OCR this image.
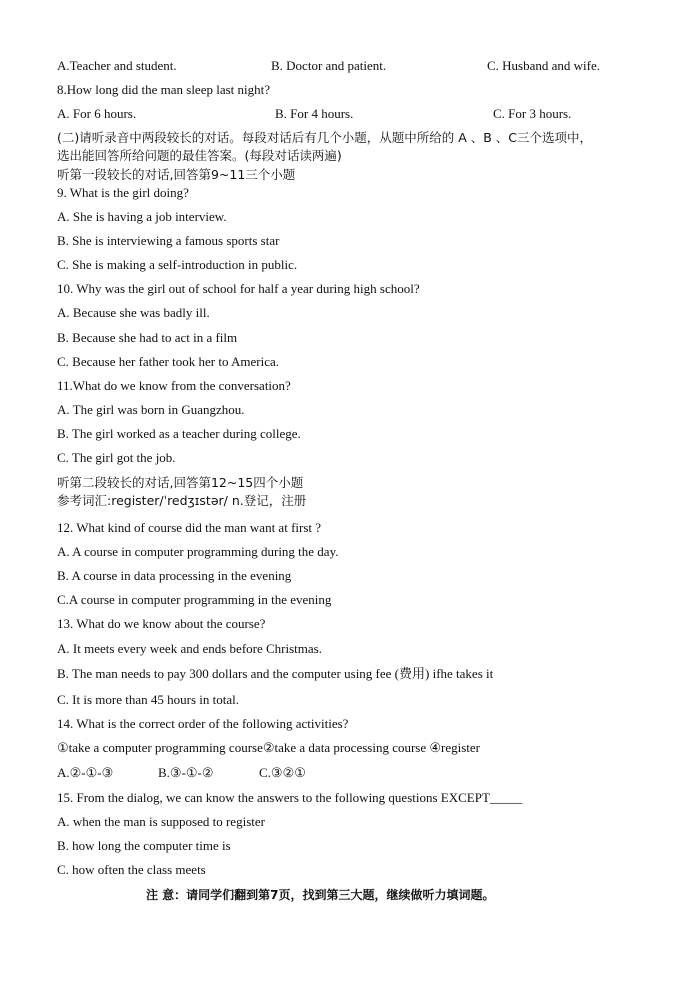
A.Teacher and student.	B. Doctor and patient.	C. Husband and wife.
8.How long did the man sleep last night?
A. For 6 hours.	B. For 4 hours.	C. For 3 hours.
(二)请听录音中两段较长的对话。每段对话后有几个小题，从题中所给的 A 、B 、C三个选项中，
选出能回答所给问题的最佳答案。(每段对话读两遍)
听第一段较长的对话,回答第9~11三个小题
9. What is the girl doing?
A. She is having a job interview.
B. She is interviewing a famous sports star
C. She is making a self-introduction in public.
10. Why was the girl out of school for half a year during high school?
A. Because she was badly ill.
B. Because she had to act in a film
C. Because her father took her to America.
11.What do we know from the conversation?
A. The girl was born in Guangzhou.
B. The girl worked as a teacher during college.
C. The girl got the job.
听第二段较长的对话,回答第12~15四个小题
参考词汇:register/ˈredʒɪstər/ n.登记，注册
12. What kind of course did the man want at first ?
A. A course in computer programming during the day.
B. A course in data processing in the evening
C.A course in computer programming in the evening
13. What do we know about the course?
A. It meets every week and ends before Christmas.
B. The man needs to pay 300 dollars and the computer using fee (费用) ifhe takes it
C. It is more than 45 hours in total.
14. What is the correct order of the following activities?
①take a computer programming course②take a data processing course ④register
A.②-①-③	B.③-①-②	C.③②①
15. From the dialog, we can know the answers to the following questions EXCEPT_____
A. when the man is supposed to register
B. how long the computer time is
C. how often the class meets
注 意：请同学们翻到第7页，找到第三大题，继续做听力填词题。
